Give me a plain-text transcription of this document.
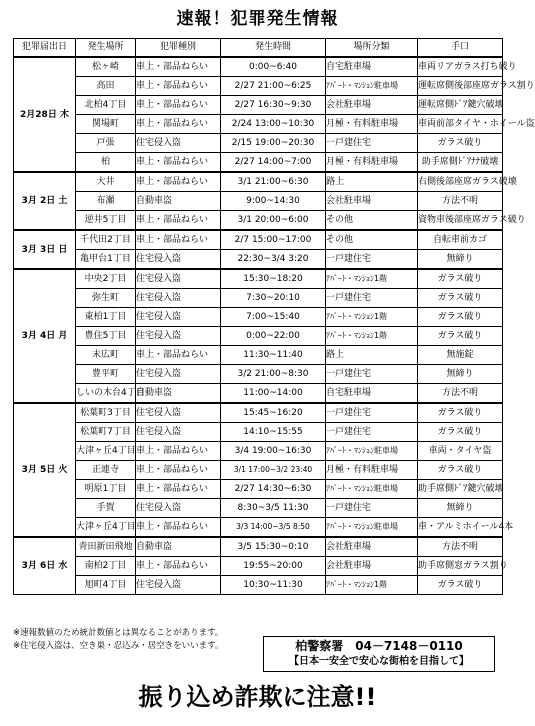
速報！犯罪発生情報
犯罪届出日	発生場所	犯罪種別	発生時間	場所分類	手口
2月28日 木	松ヶ崎	車上・部品ねらい	0:00~6:40	自宅駐車場	車両リアガラス打ち破り
	高田	車上・部品ねらい	2/27 21:00~6:25	ｱﾊﾟｰﾄ・ﾏﾝｼｮﾝ駐車場	運転席側後部座席ガラス割り
	北柏4丁目	車上・部品ねらい	2/27 16:30~9:30	会社駐車場	運転席側ﾄﾞｱ鍵穴破壊
	関場町	車上・部品ねらい	2/24 13:00~10:30	月極・有料駐車場	車両前部タイヤ・ホイール盗
	戸張	住宅侵入盗	2/15 19:00~20:30	一戸建住宅	ガラス破り
	柏	車上・部品ねらい	2/27 14:00~7:00	月極・有料駐車場	助手席側ﾄﾞｱﾅﾅ破壊
3月 2日 土	大井	車上・部品ねらい	3/1 21:00~6:30	路上	右側後部座席ガラス破壊
	布瀬	自動車盗	9:00~14:30	会社駐車場	方法不明
	逆井5丁目	車上・部品ねらい	3/1 20:00~6:00	その他	資物車後部座席ガラス破り
3月 3日 日	千代田2丁目	車上・部品ねらい	2/7 15:00~17:00	その他	自転車前カゴ
	亀甲台1丁目	住宅侵入盗	22:30~3/4 3:20	一戸建住宅	無締り
3月 4日 月	中央2丁目	住宅侵入盗	15:30~18:20	ｱﾊﾟｰﾄ・ﾏﾝｼｮﾝ1階	ガラス破り
	弥生町	住宅侵入盗	7:30~20:10	一戸建住宅	ガラス破り
	東柏1丁目	住宅侵入盗	7:00~15:40	ｱﾊﾟｰﾄ・ﾏﾝｼｮﾝ1階	ガラス破り
	豊住5丁目	住宅侵入盗	0:00~22:00	ｱﾊﾟｰﾄ・ﾏﾝｼｮﾝ1階	ガラス破り
	末広町	車上・部品ねらい	11:30~11:40	路上	無施錠
	豊平町	住宅侵入盗	3/2 21:00~8:30	一戸建住宅	無締り
	しいの木台4丁目	自動車盗	11:00~14:00	自宅駐車場	方法不明
3月 5日 火	松葉町3丁目	住宅侵入盗	15:45~16:20	一戸建住宅	ガラス破り
	松葉町7丁目	住宅侵入盗	14:10~15:55	一戸建住宅	ガラス破り
	大津ヶ丘4丁目	車上・部品ねらい	3/4 19:00~16:30	ｱﾊﾟｰﾄ・ﾏﾝｼｮﾝ駐車場	車両・タイヤ盗
	正連寺	車上・部品ねらい	3/1 17:00~3/2 23:40	月極・有料駐車場	ガラス破り
	明原1丁目	車上・部品ねらい	2/27 14:30~6:30	ｱﾊﾟｰﾄ・ﾏﾝｼｮﾝ駐車場	助手席側ﾄﾞｱ鍵穴破壊
	手賀	住宅侵入盗	8:30~3/5 11:30	一戸建住宅	無締り
	大津ヶ丘4丁目	車上・部品ねらい	3/3 14:00~3/5 8:50	ｱﾊﾟｰﾄ・ﾏﾝｼｮﾝ駐車場	車・アルミホイール4本
3月 6日 水	青田新田飛地	自動車盗	3/5 15:30~0:10	会社駐車場	方法不明
	南柏2丁目	車上・部品ねらい	19:55~20:00	会社駐車場	助手席側窓ガラス割り
	旭町4丁目	住宅侵入盗	10:30~11:30	ｱﾊﾟｰﾄ・ﾏﾝｼｮﾝ1階	ガラス破り
※速報数値のため統計数値とは異なることがあります。
※住宅侵入盗は、空き巣・忍込み・居空きをいいます。	柏警察署　04－7148－0110
【日本一安全で安心な街柏を目指して】
振り込め詐欺に注意!!
